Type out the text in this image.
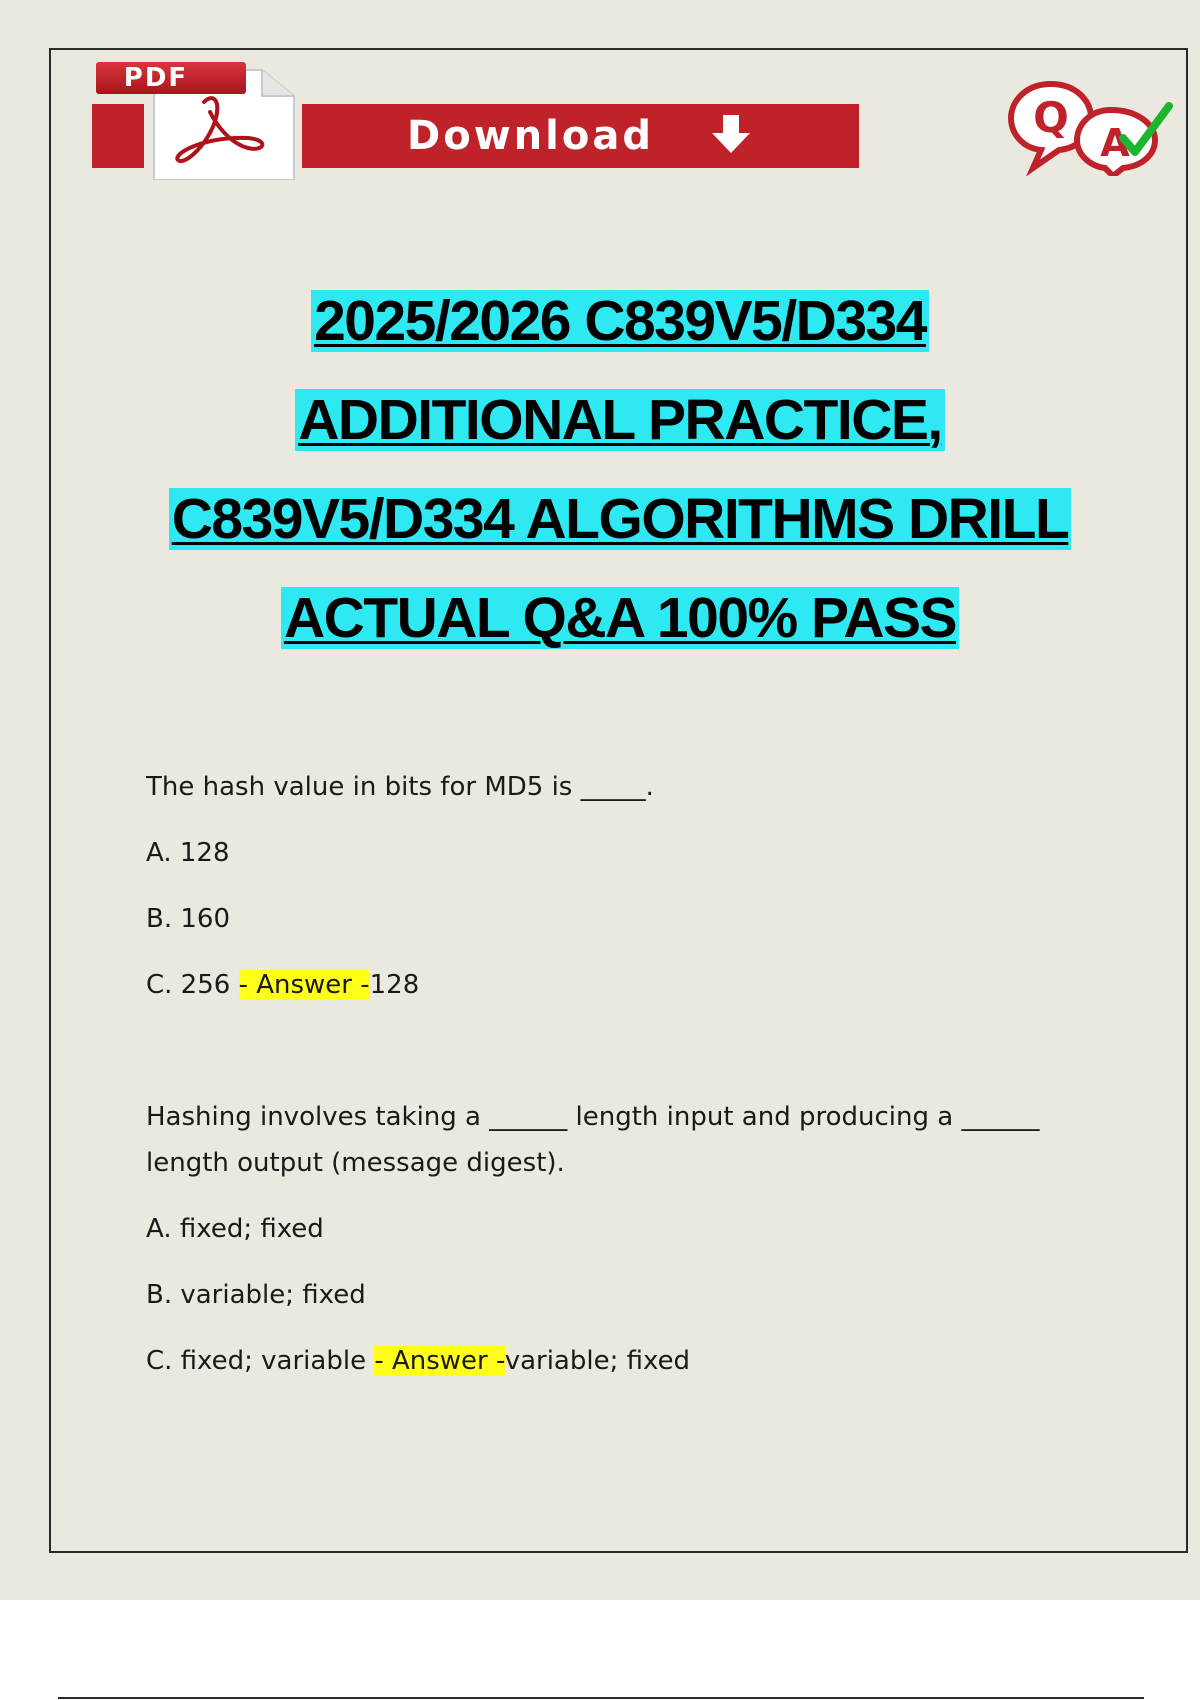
PDF
Download	Q
A
2025/2026 C839V5/D334
ADDITIONAL PRACTICE,
C839V5/D334 ALGORITHMS DRILL
ACTUAL Q&A 100% PASS

The hash value in bits for MD5 is _____.

A. 128

B. 160

C. 256 - Answer -128

Hashing involves taking a ______ length input and producing a ______

length output (message digest).

A. fixed; fixed

B. variable; fixed

C. fixed; variable - Answer -variable; fixed
